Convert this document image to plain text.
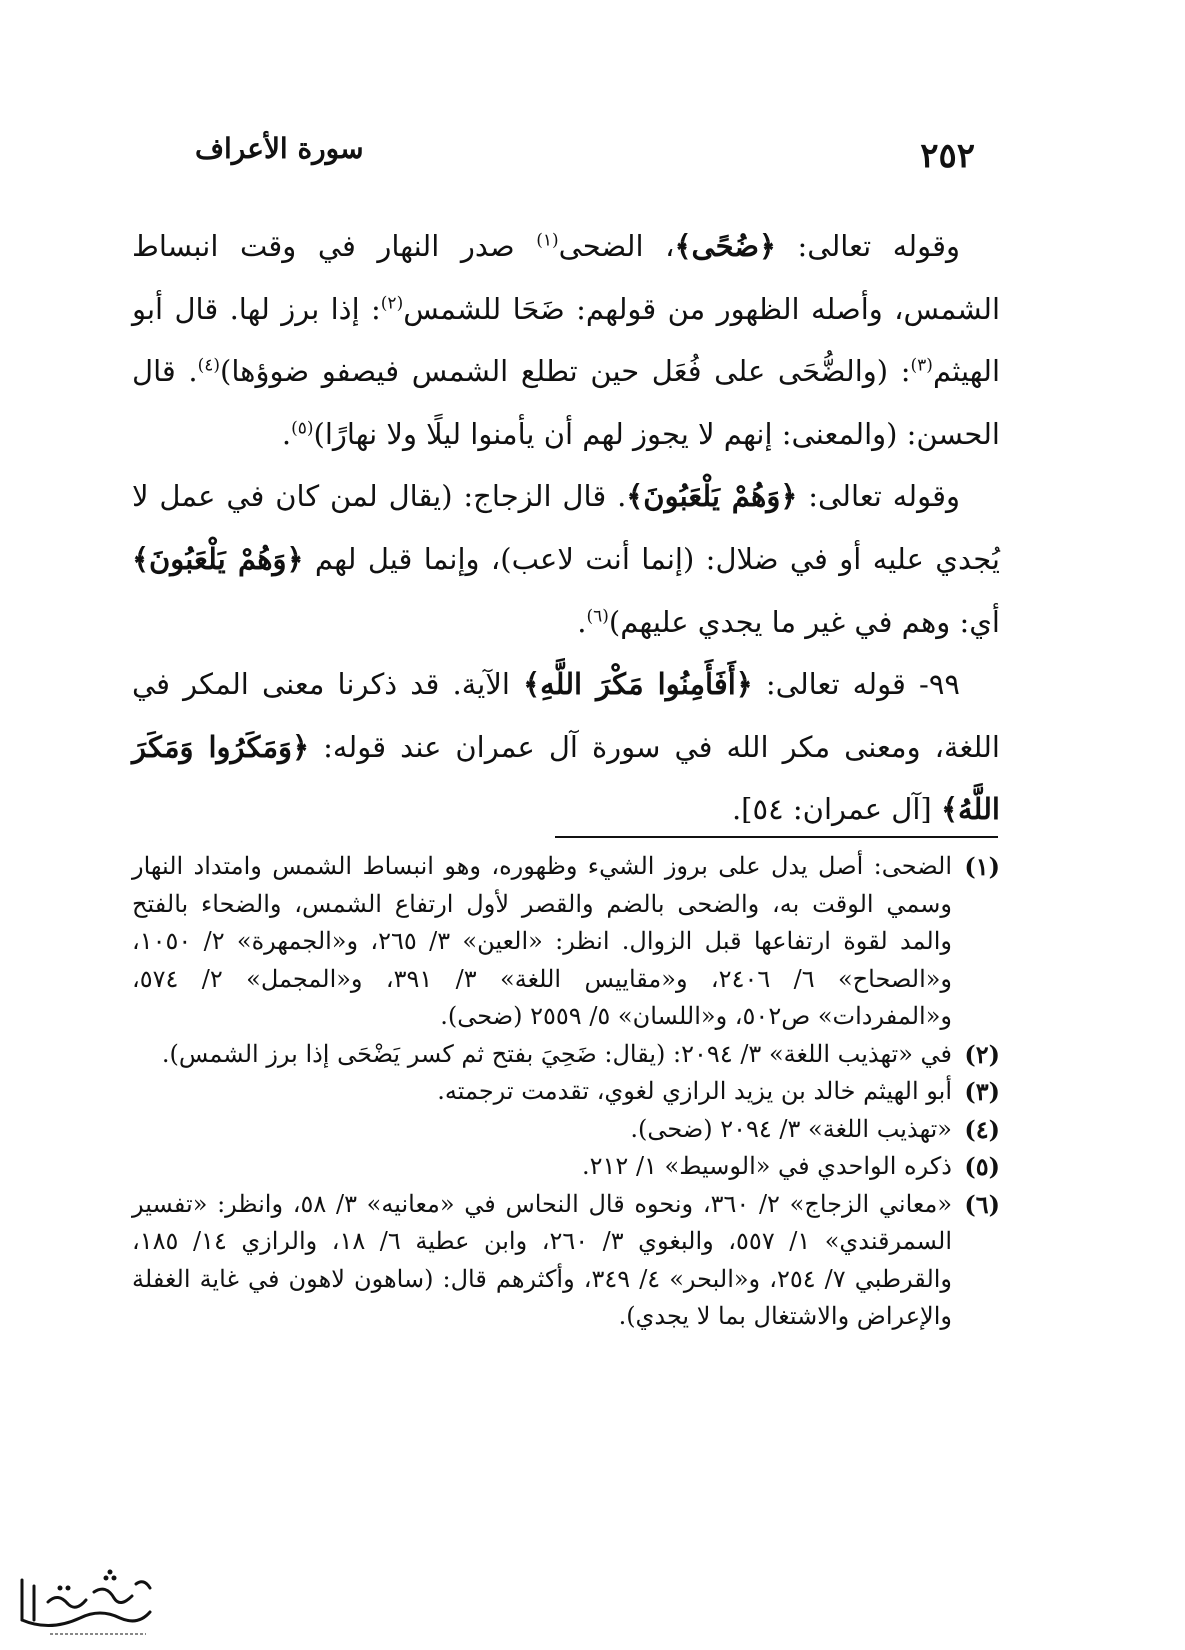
٢٥٢
سورة الأعراف

وقوله تعالى: ﴿ضُحًى﴾، الضحى$^{(١)}$ صدر النهار في وقت انبساط الشمس، وأصله الظهور من قولهم: ضَحَا للشمس$^{(٢)}$: إذا برز لها. قال أبو الهيثم$^{(٣)}$: (والضُّحَى على فُعَل حين تطلع الشمس فيصفو ضوؤها)$^{(٤)}$. قال الحسن: (والمعنى: إنهم لا يجوز لهم أن يأمنوا ليلًا ولا نهارًا)$^{(٥)}$.

وقوله تعالى: ﴿وَهُمْ يَلْعَبُونَ﴾. قال الزجاج: (يقال لمن كان في عمل لا يُجدي عليه أو في ضلال: (إنما أنت لاعب)، وإنما قيل لهم ﴿وَهُمْ يَلْعَبُونَ﴾ أي: وهم في غير ما يجدي عليهم)$^{(٦)}$.

٩٩- قوله تعالى: ﴿أَفَأَمِنُوا مَكْرَ اللَّهِ﴾ الآية. قد ذكرنا معنى المكر في اللغة، ومعنى مكر الله في سورة آل عمران عند قوله: ﴿وَمَكَرُوا وَمَكَرَ اللَّهُ﴾ [آل عمران: ٥٤].

(١)
الضحى: أصل يدل على بروز الشيء وظهوره، وهو انبساط الشمس وامتداد النهار وسمي الوقت به، والضحى بالضم والقصر لأول ارتفاع الشمس، والضحاء بالفتح والمد لقوة ارتفاعها قبل الزوال. انظر: «العين» ٣/ ٢٦٥، و«الجمهرة» ٢/ ١٠٥٠، و«الصحاح» ٦/ ٢٤٠٦، و«مقاييس اللغة» ٣/ ٣٩١، و«المجمل» ٢/ ٥٧٤، و«المفردات» ص٥٠٢، و«اللسان» ٥/ ٢٥٥٩ (ضحى).
(٢)
في «تهذيب اللغة» ٣/ ٢٠٩٤: (يقال: ضَحِيَ بفتح ثم كسر يَضْحَى إذا برز الشمس).
(٣)
أبو الهيثم خالد بن يزيد الرازي لغوي، تقدمت ترجمته.
(٤)
«تهذيب اللغة» ٣/ ٢٠٩٤ (ضحى).
(٥)
ذكره الواحدي في «الوسيط» ١/ ٢١٢.
(٦)
«معاني الزجاج» ٢/ ٣٦٠، ونحوه قال النحاس في «معانيه» ٣/ ٥٨، وانظر: «تفسير السمرقندي» ١/ ٥٥٧، والبغوي ٣/ ٢٦٠، وابن عطية ٦/ ١٨، والرازي ١٤/ ١٨٥، والقرطبي ٧/ ٢٥٤، و«البحر» ٤/ ٣٤٩، وأكثرهم قال: (ساهون لاهون في غاية الغفلة والإعراض والاشتغال بما لا يجدي).
